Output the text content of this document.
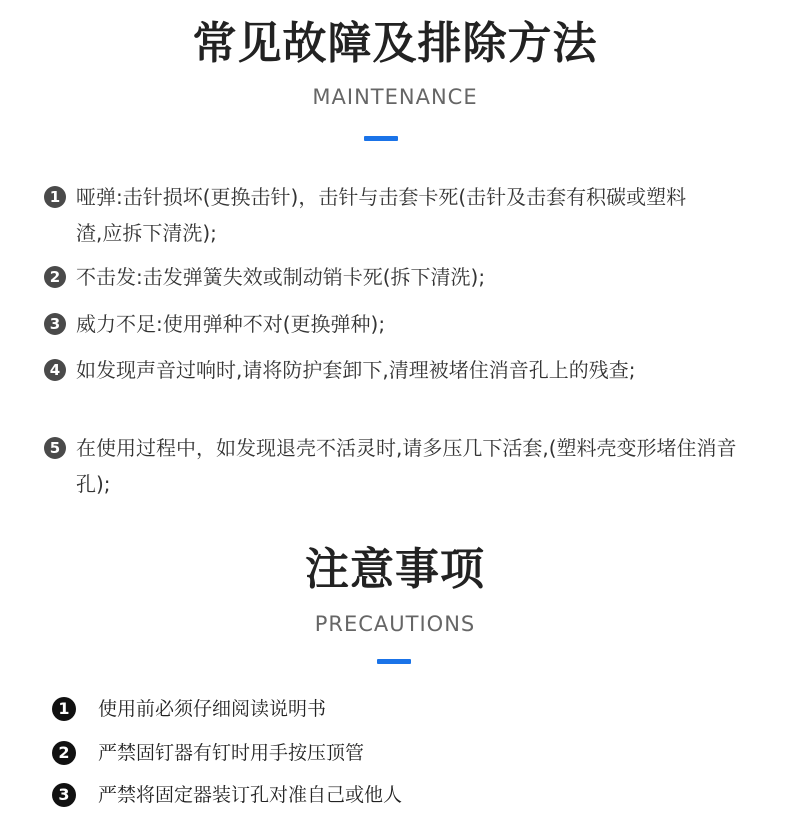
常见故障及排除方法
MAINTENANCE
1 哑弹:击针损坏(更换击针)，击针与击套卡死(击针及击套有积碳或塑料渣,应拆下清洗);
2 不击发:击发弹簧失效或制动销卡死(拆下清洗);
3 威力不足:使用弹种不对(更换弹种);
4 如发现声音过响时,请将防护套卸下,清理被堵住消音孔上的残查;
5 在使用过程中，如发现退壳不活灵时,请多压几下活套,(塑料壳变形堵住消音孔);
注意事项
PRECAUTIONS
1	使用前必须仔细阅读说明书
2	严禁固钉器有钉时用手按压顶管
3	严禁将固定器装订孔对准自己或他人
